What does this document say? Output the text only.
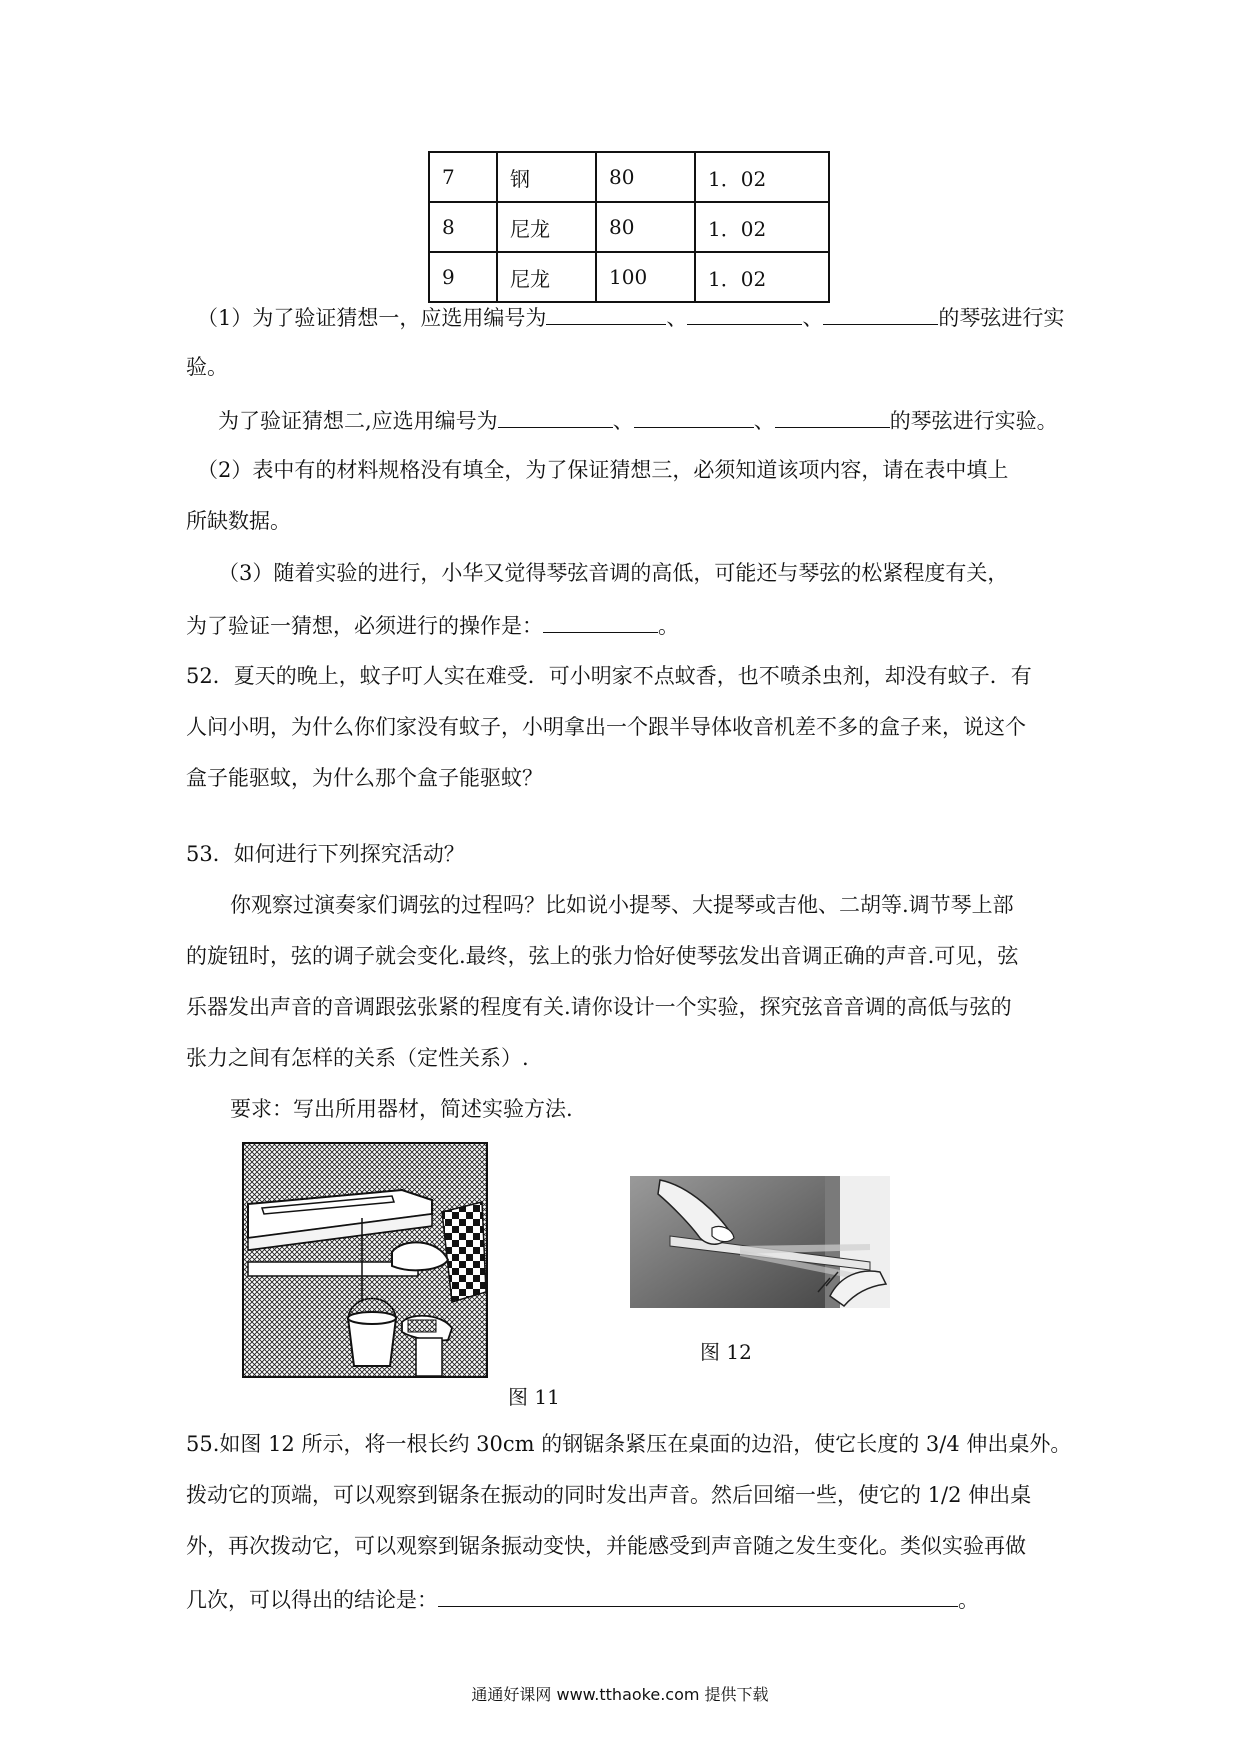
7	钢	80	1．02
8	尼龙	80	1．02
9	尼龙	100	1．02
（1）为了验证猜想一，应选用编号为	、	、	的琴弦进行实
验。
为了验证猜想二,应选用编号为	、	、	的琴弦进行实验。
（2）表中有的材料规格没有填全，为了保证猜想三，必须知道该项内容，请在表中填上
所缺数据。
（3）随着实验的进行，小华又觉得琴弦音调的高低，可能还与琴弦的松紧程度有关，
为了验证一猜想，必须进行的操作是：	。
52．夏天的晚上，蚊子叮人实在难受．可小明家不点蚊香，也不喷杀虫剂，却没有蚊子．有
人问小明，为什么你们家没有蚊子，小明拿出一个跟半导体收音机差不多的盒子来，说这个
盒子能驱蚊，为什么那个盒子能驱蚊？
53．如何进行下列探究活动？
你观察过演奏家们调弦的过程吗？比如说小提琴、大提琴或吉他、二胡等.调节琴上部
的旋钮时，弦的调子就会变化.最终，弦上的张力恰好使琴弦发出音调正确的声音.可见，弦
乐器发出声音的音调跟弦张紧的程度有关.请你设计一个实验，探究弦音音调的高低与弦的
张力之间有怎样的关系（定性关系）.
要求：写出所用器材，简述实验方法.
图 12
图 11
55.如图 12 所示，将一根长约 30cm 的钢锯条紧压在桌面的边沿，使它长度的 3/4 伸出桌外。
拨动它的顶端，可以观察到锯条在振动的同时发出声音。然后回缩一些，使它的 1/2 伸出桌
外，再次拨动它，可以观察到锯条振动变快，并能感受到声音随之发生变化。类似实验再做
几次，可以得出的结论是：	。
通通好课网 www.tthaoke.com 提供下载
